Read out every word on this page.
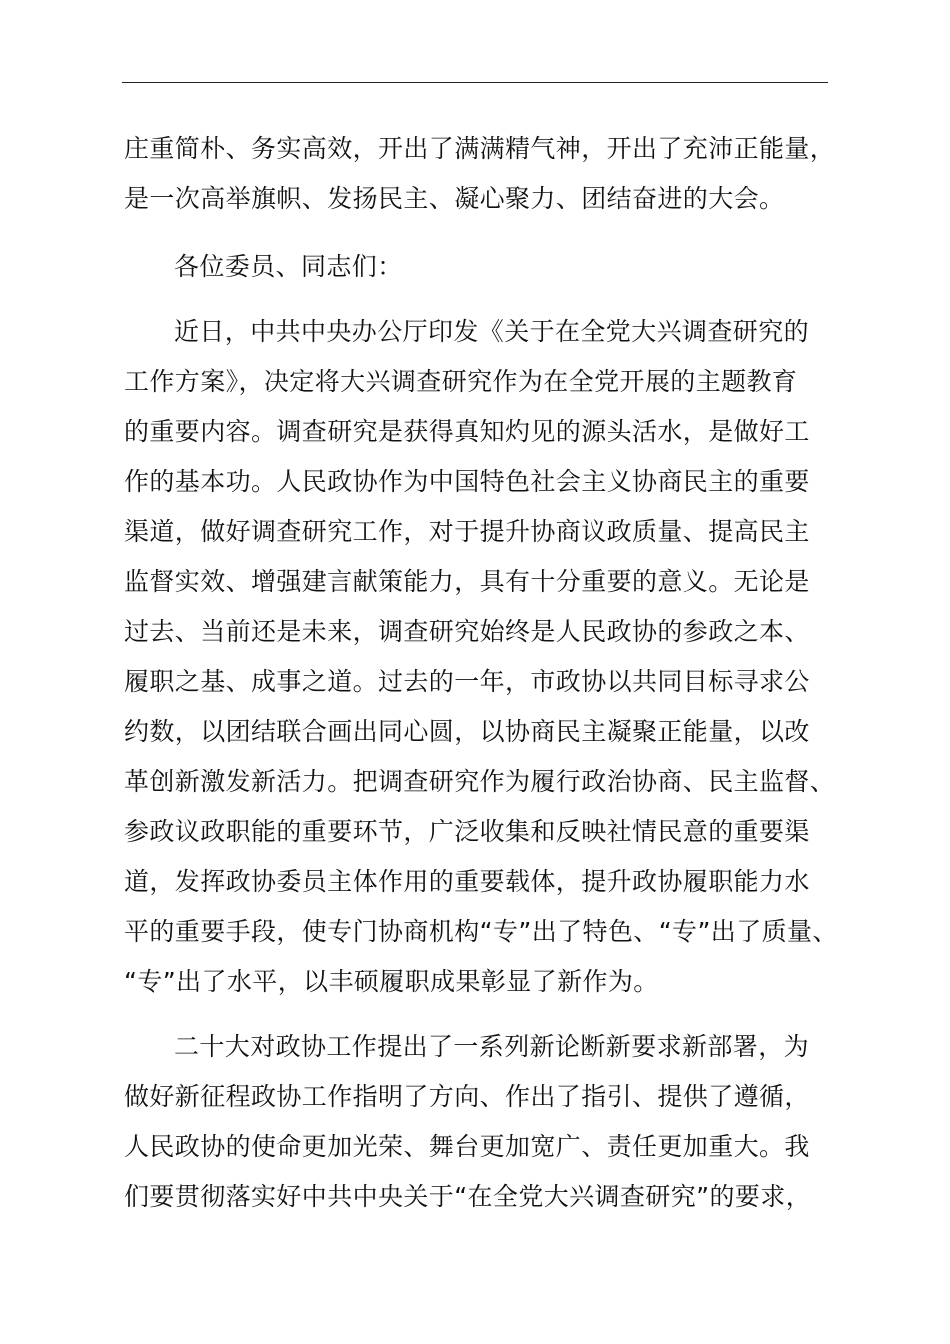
庄重简朴、务实高效，开出了满满精气神，开出了充沛正能量，
是一次高举旗帜、发扬民主、凝心聚力、团结奋进的大会。
各位委员、同志们：
近日，中共中央办公厅印发《关于在全党大兴调查研究的
工作方案》，决定将大兴调查研究作为在全党开展的主题教育
的重要内容。调查研究是获得真知灼见的源头活水，是做好工
作的基本功。人民政协作为中国特色社会主义协商民主的重要
渠道，做好调查研究工作，对于提升协商议政质量、提高民主
监督实效、增强建言献策能力，具有十分重要的意义。无论是
过去、当前还是未来，调查研究始终是人民政协的参政之本、
履职之基、成事之道。过去的一年，市政协以共同目标寻求公
约数，以团结联合画出同心圆，以协商民主凝聚正能量，以改
革创新激发新活力。把调查研究作为履行政治协商、民主监督、
参政议政职能的重要环节，广泛收集和反映社情民意的重要渠
道，发挥政协委员主体作用的重要载体，提升政协履职能力水
平的重要手段，使专门协商机构“专”出了特色、“专”出了质量、
“专”出了水平，以丰硕履职成果彰显了新作为。
二十大对政协工作提出了一系列新论断新要求新部署，为
做好新征程政协工作指明了方向、作出了指引、提供了遵循，
人民政协的使命更加光荣、舞台更加宽广、责任更加重大。我
们要贯彻落实好中共中央关于“在全党大兴调查研究”的要求，
